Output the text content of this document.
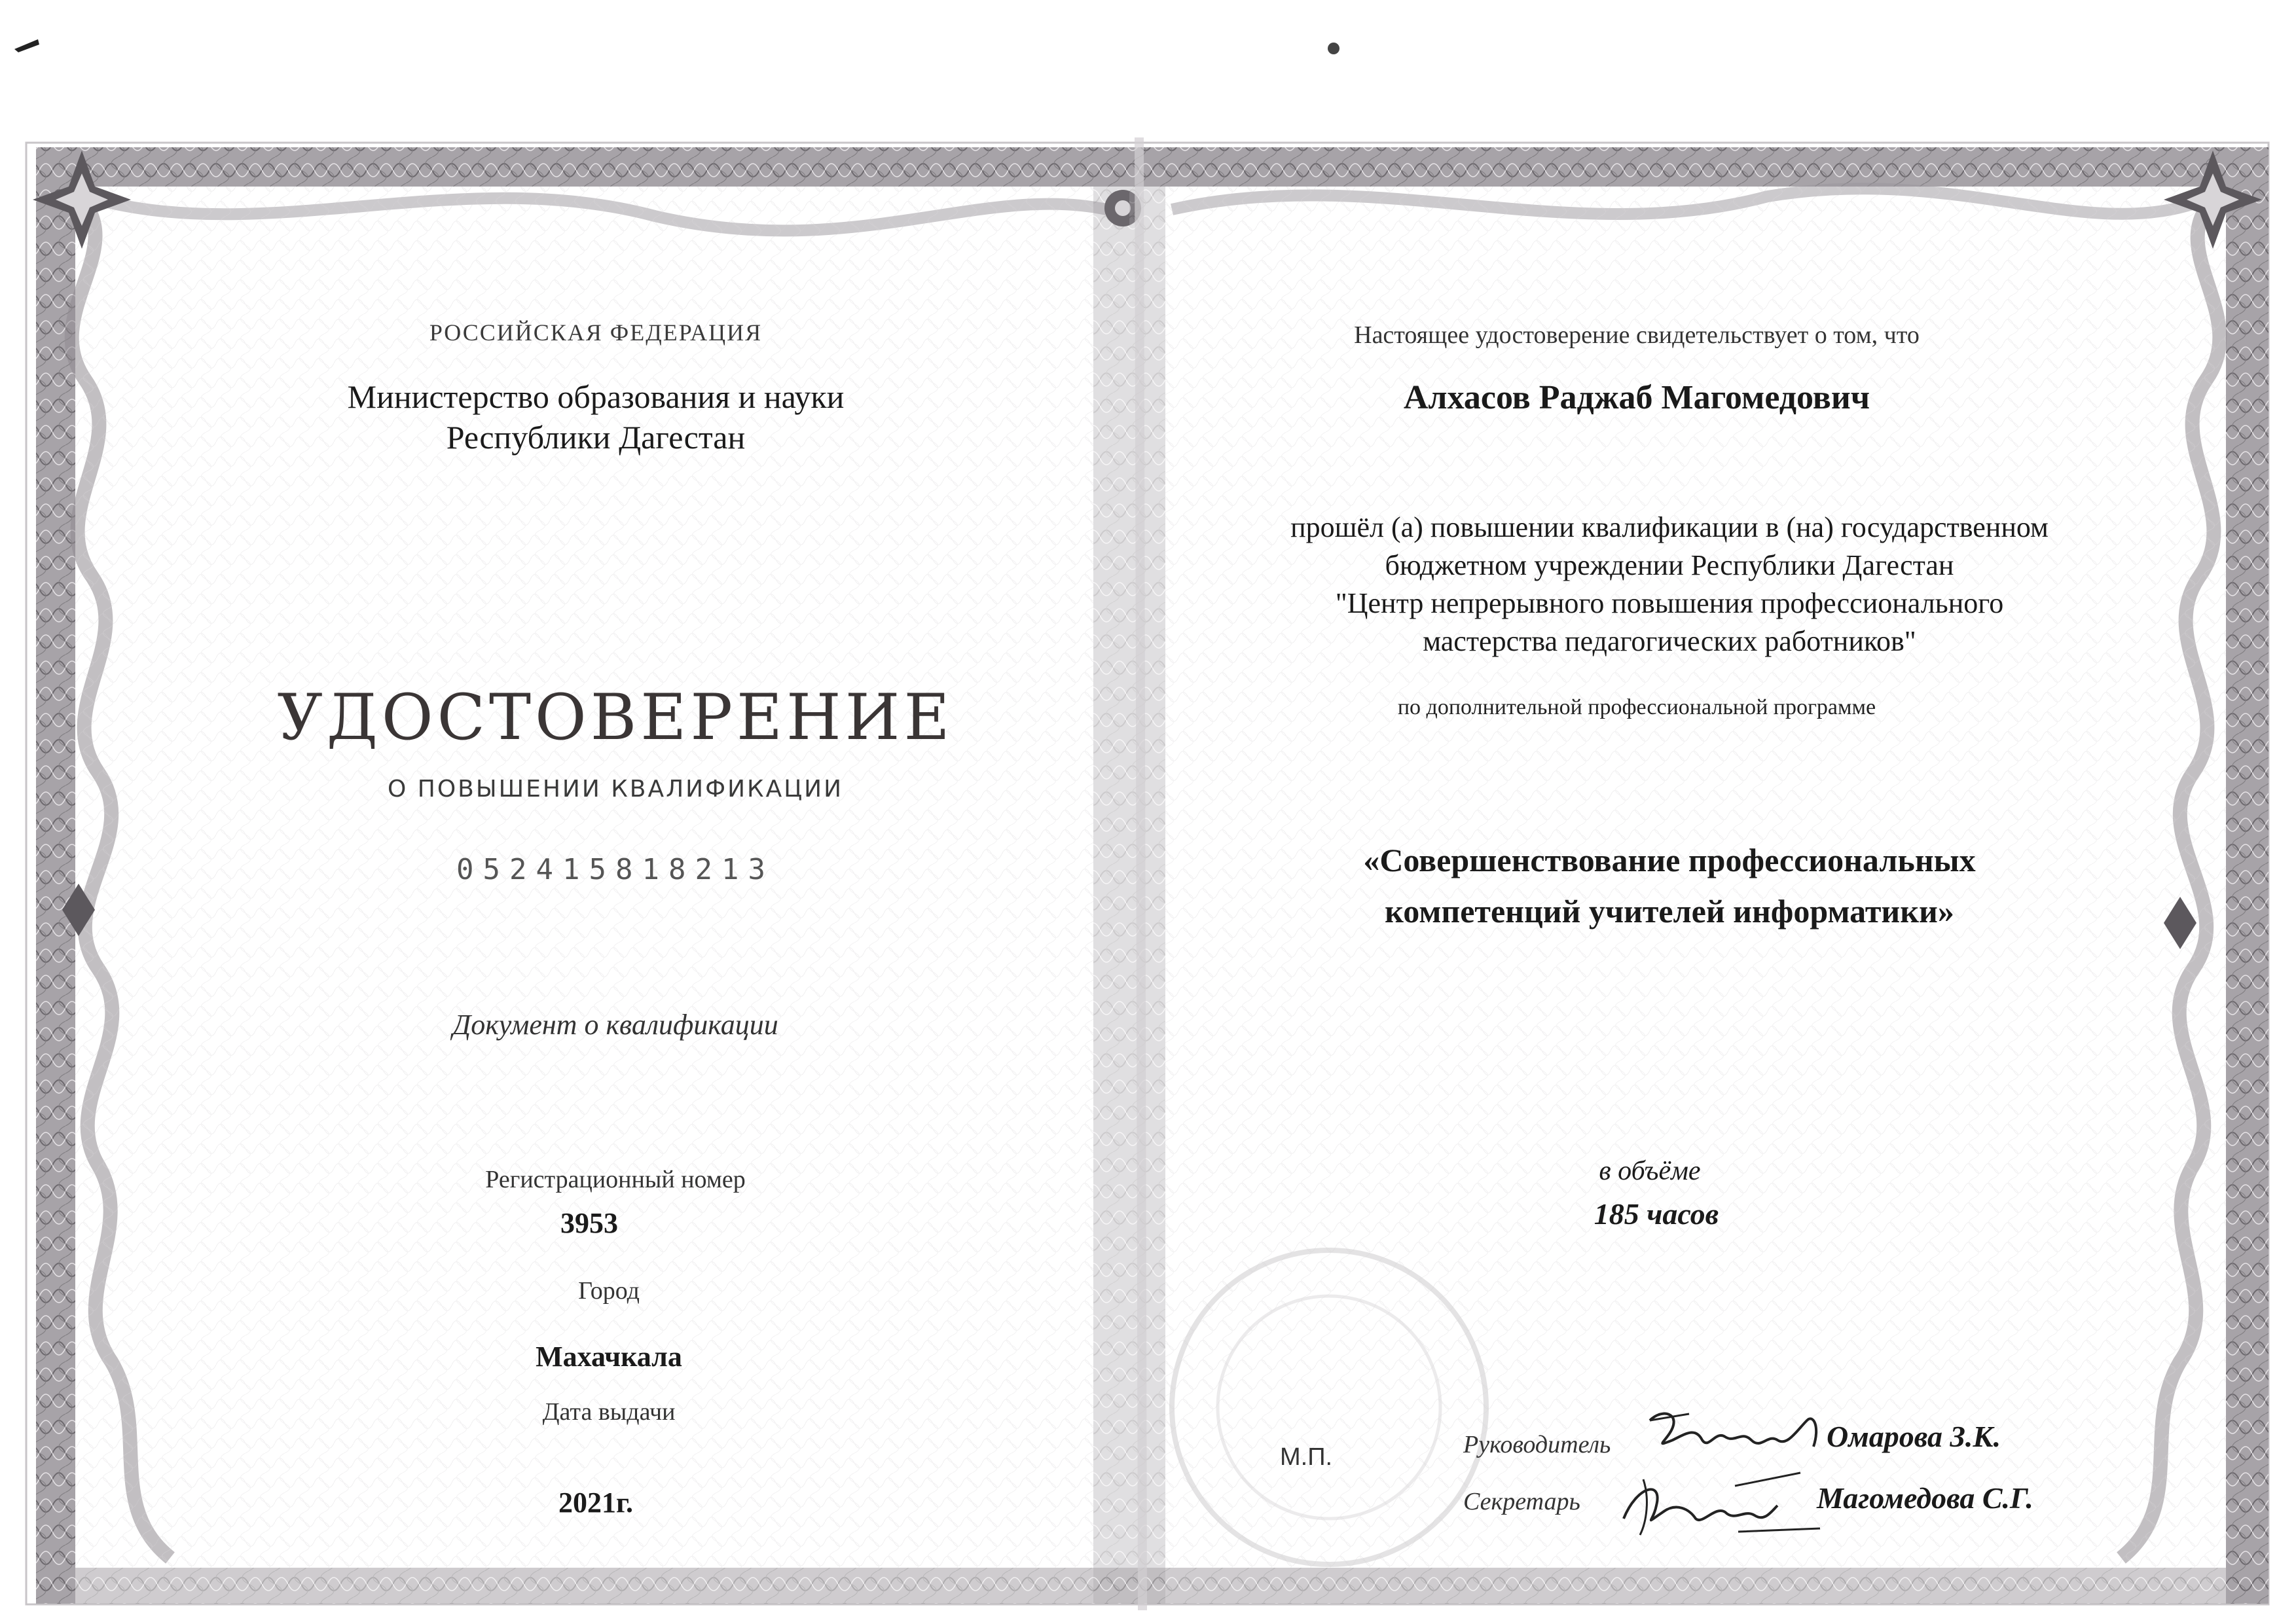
РОССИЙСКАЯ ФЕДЕРАЦИЯ
Министерство образования и науки
Республики Дагестан
УДОСТОВЕРЕНИЕ
О ПОВЫШЕНИИ КВАЛИФИКАЦИИ
052415818213
Документ о квалификации
Регистрационный номер
3953
Город
Махачкала
Дата выдачи
2021г.
Настоящее удостоверение свидетельствует о том, что
Алхасов Раджаб Магомедович
прошёл (а) повышении квалификации в (на) государственном
бюджетном учреждении Республики Дагестан
"Центр непрерывного повышения профессионального
мастерства педагогических работников"
по дополнительной профессиональной программе
«Совершенствование профессиональных
компетенций учителей информатики»
в объёме
185 часов
М.П.	Руководитель
Секретарь
Омарова З.К.
Магомедова С.Г.
